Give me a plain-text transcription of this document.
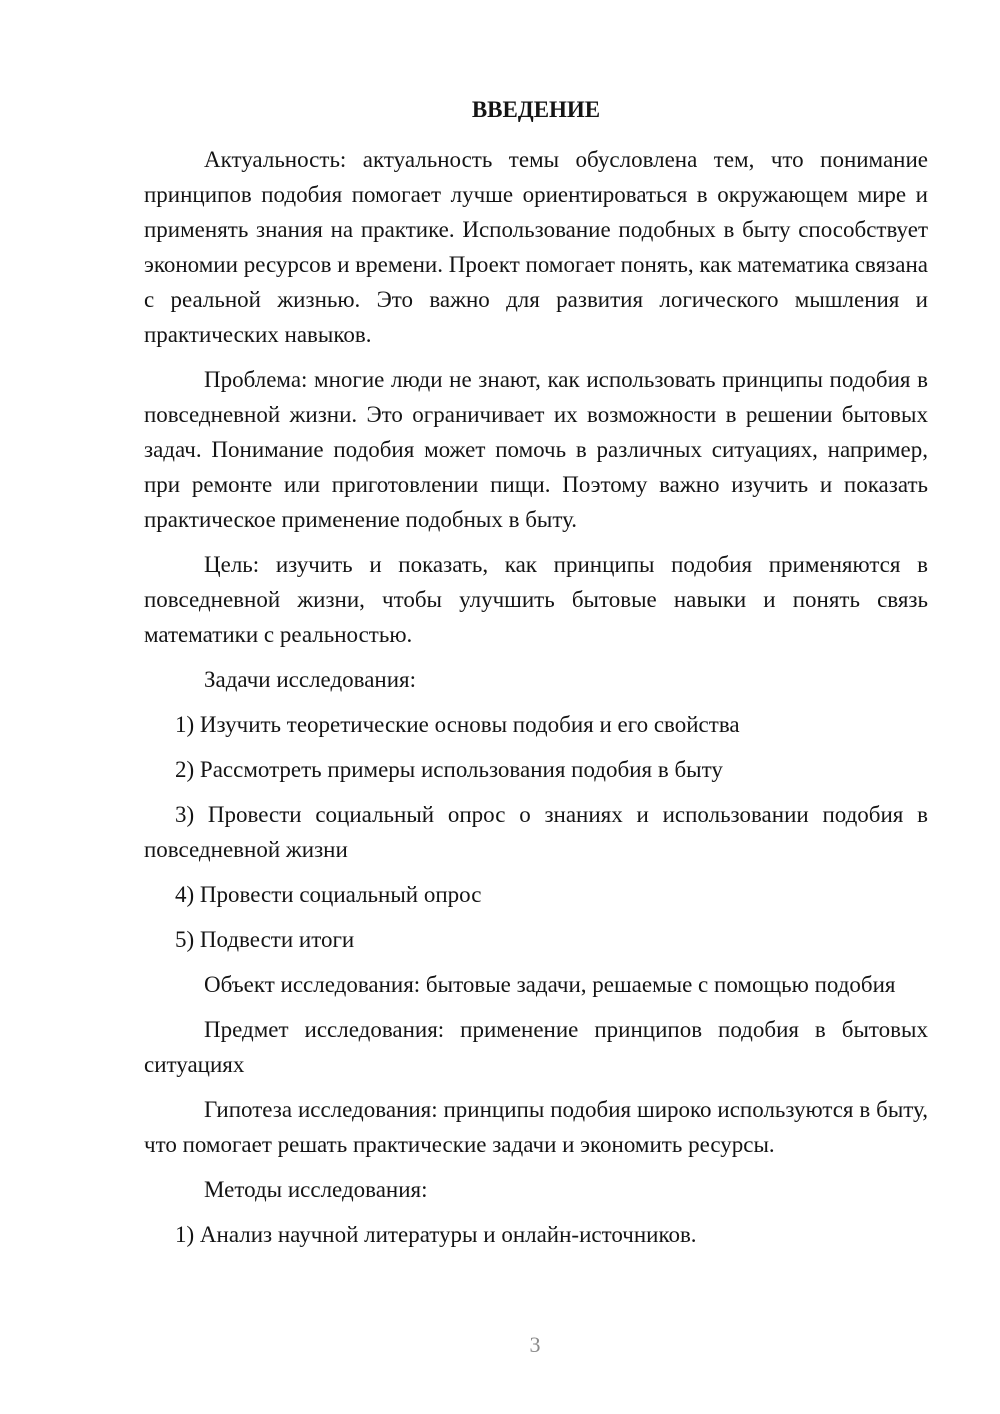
ВВЕДЕНИЕ

Актуальность: актуальность темы обусловлена тем, что понимание принципов подобия помогает лучше ориентироваться в окружающем мире и применять знания на практике. Использование подобных в быту способствует экономии ресурсов и времени. Проект помогает понять, как математика связана с реальной жизнью. Это важно для развития логического мышления и практических навыков.

Проблема: многие люди не знают, как использовать принципы подобия в повседневной жизни. Это ограничивает их возможности в решении бытовых задач. Понимание подобия может помочь в различных ситуациях, например, при ремонте или приготовлении пищи. Поэтому важно изучить и показать практическое применение подобных в быту.

Цель: изучить и показать, как принципы подобия применяются в повседневной жизни, чтобы улучшить бытовые навыки и понять связь математики с реальностью.

Задачи исследования:

1) Изучить теоретические основы подобия и его свойства

2) Рассмотреть примеры использования подобия в быту

3) Провести социальный опрос о знаниях и использовании подобия в повседневной жизни

4) Провести социальный опрос

5) Подвести итоги

Объект исследования: бытовые задачи, решаемые с помощью подобия

Предмет исследования: применение принципов подобия в бытовых ситуациях

Гипотеза исследования: принципы подобия широко используются в быту, что помогает решать практические задачи и экономить ресурсы.

Методы исследования:

1) Анализ научной литературы и онлайн-источников.

3
